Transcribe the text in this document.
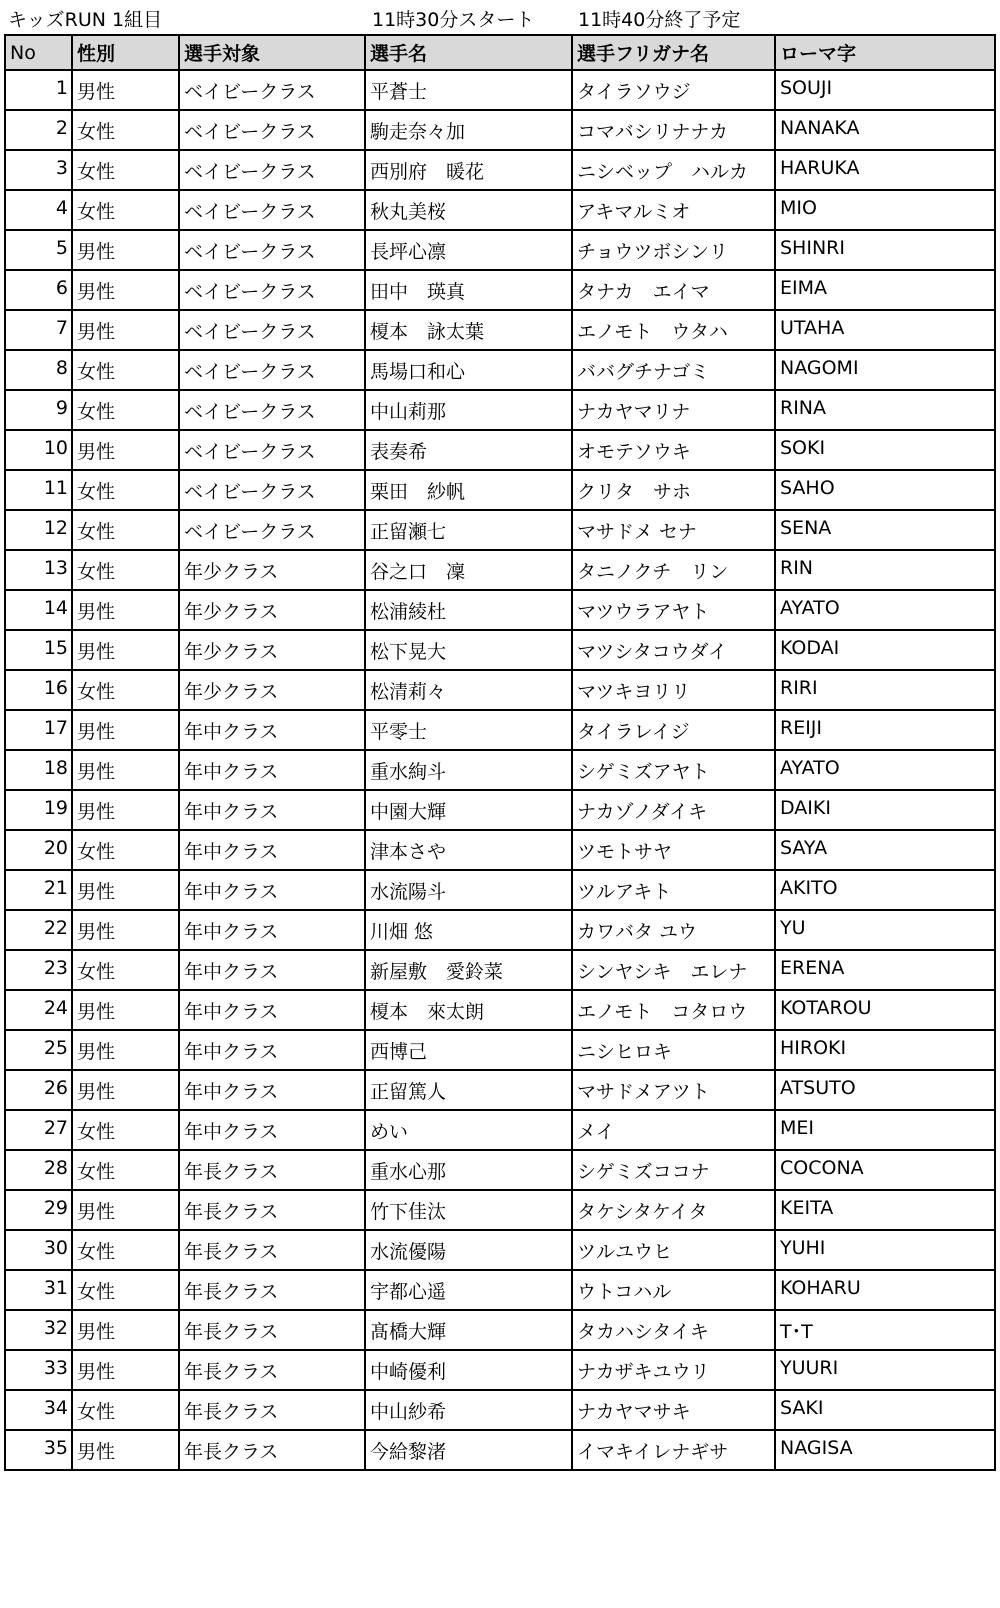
キッズRUN 1組目	11時30分スタート 11時40分終了予定
No	性別	選手対象	選手名	選手フリガナ名	ローマ字
1	男性	ベイビークラス	平蒼士	タイラソウジ	SOUJI
2	女性	ベイビークラス	駒走奈々加	コマバシリナナカ	NANAKA
3	女性	ベイビークラス	西別府　暖花	ニシベップ　ハルカ	HARUKA
4	女性	ベイビークラス	秋丸美桜	アキマルミオ	MIO
5	男性	ベイビークラス	長坪心凛	チョウツボシンリ	SHINRI
6	男性	ベイビークラス	田中　瑛真	タナカ　エイマ	EIMA
7	男性	ベイビークラス	榎本　詠太葉	エノモト　ウタハ	UTAHA
8	女性	ベイビークラス	馬場口和心	ババグチナゴミ	NAGOMI
9	女性	ベイビークラス	中山莉那	ナカヤマリナ	RINA
10	男性	ベイビークラス	表奏希	オモテソウキ	SOKI
11	女性	ベイビークラス	栗田　紗帆	クリタ　サホ	SAHO
12	女性	ベイビークラス	正留瀬七	マサドメ セナ	SENA
13	女性	年少クラス	谷之口　凜	タニノクチ　リン	RIN
14	男性	年少クラス	松浦綾杜	マツウラアヤト	AYATO
15	男性	年少クラス	松下晃大	マツシタコウダイ	KODAI
16	女性	年少クラス	松清莉々	マツキヨリリ	RIRI
17	男性	年中クラス	平零士	タイラレイジ	REIJI
18	男性	年中クラス	重水絢斗	シゲミズアヤト	AYATO
19	男性	年中クラス	中園大輝	ナカゾノダイキ	DAIKI
20	女性	年中クラス	津本さや	ツモトサヤ	SAYA
21	男性	年中クラス	水流陽斗	ツルアキト	AKITO
22	男性	年中クラス	川畑 悠	カワバタ ユウ	YU
23	女性	年中クラス	新屋敷　愛鈴菜	シンヤシキ　エレナ	ERENA
24	男性	年中クラス	榎本　來太朗	エノモト　コタロウ	KOTAROU
25	男性	年中クラス	西博己	ニシヒロキ	HIROKI
26	男性	年中クラス	正留篤人	マサドメアツト	ATSUTO
27	女性	年中クラス	めい	メイ	MEI
28	女性	年長クラス	重水心那	シゲミズココナ	COCONA
29	男性	年長クラス	竹下佳汰	タケシタケイタ	KEITA
30	女性	年長クラス	水流優陽	ツルユウヒ	YUHI
31	女性	年長クラス	宇都心遥	ウトコハル	KOHARU
32	男性	年長クラス	髙橋大輝	タカハシタイキ	T･T
33	男性	年長クラス	中崎優利	ナカザキユウリ	YUURI
34	女性	年長クラス	中山紗希	ナカヤマサキ	SAKI
35	男性	年長クラス	今給黎渚	イマキイレナギサ	NAGISA
